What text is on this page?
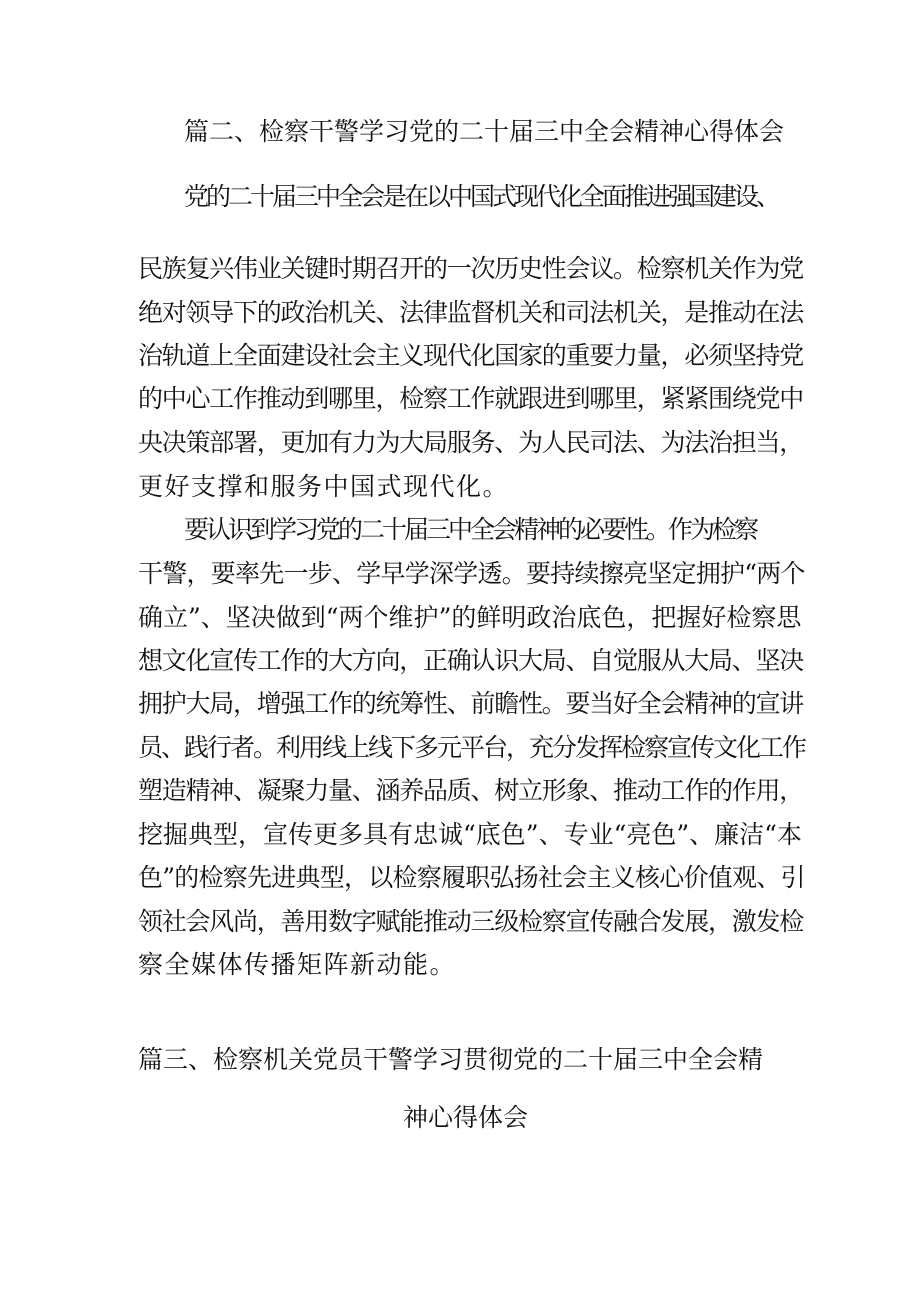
篇二、检察干警学习党的二十届三中全会精神心得体会

党的二十届三中全会是在以中国式现代化全面推进强国建设、

民族复兴伟业关键时期召开的一次历史性会议。检察机关作为党

绝对领导下的政治机关、法律监督机关和司法机关，是推动在法

治轨道上全面建设社会主义现代化国家的重要力量，必须坚持党

的中心工作推动到哪里，检察工作就跟进到哪里，紧紧围绕党中

央决策部署，更加有力为大局服务、为人民司法、为法治担当，

更好支撑和服务中国式现代化。

要认识到学习党的二十届三中全会精神的必要性。作为检察

干警，要率先一步、学早学深学透。要持续擦亮坚定拥护“两个

确立”、坚决做到“两个维护”的鲜明政治底色，把握好检察思

想文化宣传工作的大方向，正确认识大局、自觉服从大局、坚决

拥护大局，增强工作的统筹性、前瞻性。要当好全会精神的宣讲

员、践行者。利用线上线下多元平台，充分发挥检察宣传文化工作

塑造精神、凝聚力量、涵养品质、树立形象、推动工作的作用，

挖掘典型，宣传更多具有忠诚“底色”、专业“亮色”、廉洁“本

色”的检察先进典型，以检察履职弘扬社会主义核心价值观、引

领社会风尚，善用数字赋能推动三级检察宣传融合发展，激发检

察全媒体传播矩阵新动能。

篇三、检察机关党员干警学习贯彻党的二十届三中全会精
神心得体会
